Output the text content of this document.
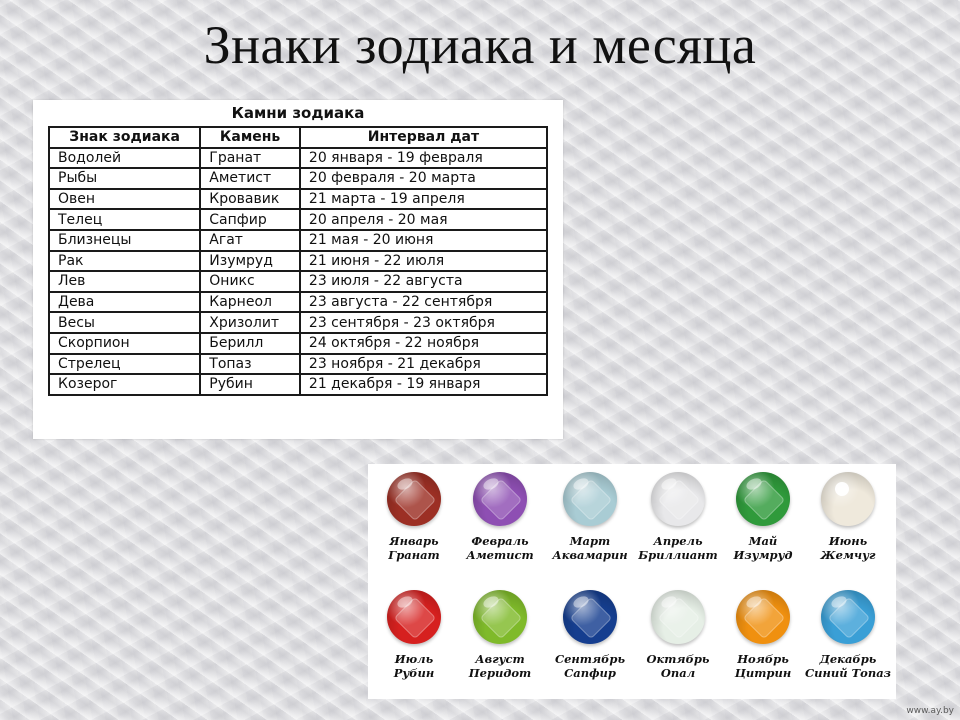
Знаки зодиака и месяца
Камни зодиака
Знак зодиака	Камень	Интервал дат
Водолей	Гранат	20 января - 19 февраля
Рыбы	Аметист	20 февраля - 20 марта
Овен	Кровавик	21 марта - 19 апреля
Телец	Сапфир	20 апреля - 20 мая
Близнецы	Агат	21 мая - 20 июня
Рак	Изумруд	21 июня - 22 июля
Лев	Оникс	23 июля - 22 августа
Дева	Карнеол	23 августа - 22 сентября
Весы	Хризолит	23 сентября - 23 октября
Скорпион	Берилл	24 октября - 22 ноября
Стрелец	Топаз	23 ноября - 21 декабря
Козерог	Рубин	21 декабря - 19 января
Январь
Гранат
Февраль
Аметист
Март
Аквамарин
Апрель
Бриллиант
Май
Изумруд
Июнь
Жемчуг
Июль
Рубин
Август
Перидот
Сентябрь
Сапфир
Октябрь
Опал
Ноябрь
Цитрин
Декабрь
Синий Топаз
www.ay.by
